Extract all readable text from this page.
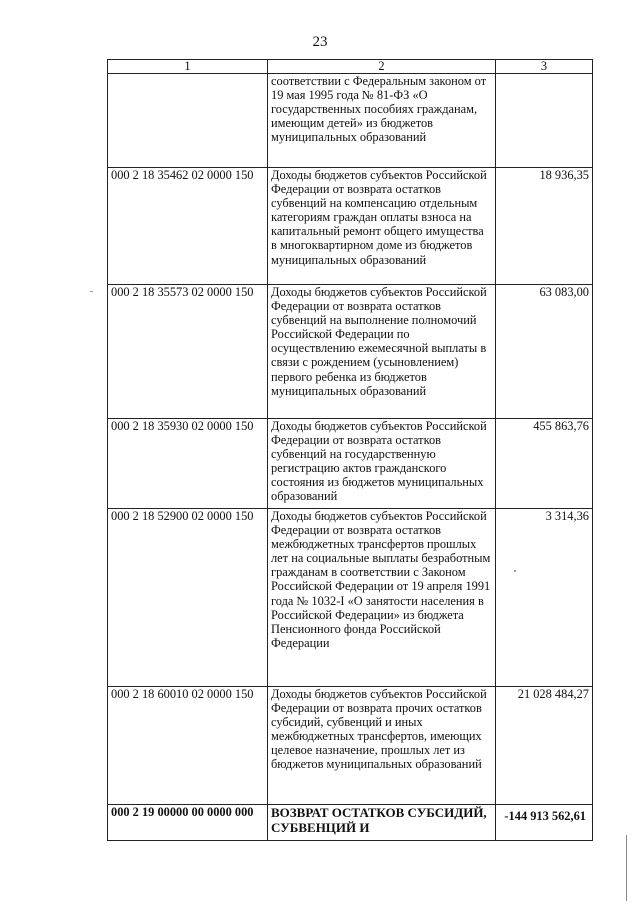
23
1	2	3
	соответствии с Федеральным законом от 19 мая 1995 года № 81-ФЗ «О государственных пособиях гражданам, имеющим детей» из бюджетов муниципальных образований	
000 2 18 35462 02 0000 150	Доходы бюджетов субъектов Российской Федерации от возврата остатков субвенций на компенсацию отдельным категориям граждан оплаты взноса на капитальный ремонт общего имущества в многоквартирном доме из бюджетов муниципальных образований	18 936,35
000 2 18 35573 02 0000 150	Доходы бюджетов субъектов Российской Федерации от возврата остатков субвенций на выполнение полномочий Российской Федерации по осуществлению ежемесячной выплаты в связи с рождением (усыновлением) первого ребенка из бюджетов муниципальных образований	63 083,00
000 2 18 35930 02 0000 150	Доходы бюджетов субъектов Российской Федерации от возврата остатков субвенций на государственную регистрацию актов гражданского состояния из бюджетов муниципальных образований	455 863,76
000 2 18 52900 02 0000 150	Доходы бюджетов субъектов Российской Федерации от возврата остатков межбюджетных трансфертов прошлых лет на социальные выплаты безработным гражданам в соответствии с Законом Российской Федерации от 19 апреля 1991 года № 1032-I «О занятости населения в Российской Федерации» из бюджета Пенсионного фонда Российской Федерации	3 314,36
000 2 18 60010 02 0000 150	Доходы бюджетов субъектов Российской Федерации от возврата прочих остатков субсидий, субвенций и иных межбюджетных трансфертов, имеющих целевое назначение, прошлых лет из бюджетов муниципальных образований	21 028 484,27
000 2 19 00000 00 0000 000	ВОЗВРАТ ОСТАТКОВ СУБСИДИЙ, СУБВЕНЦИЙ И	-144 913 562,61
